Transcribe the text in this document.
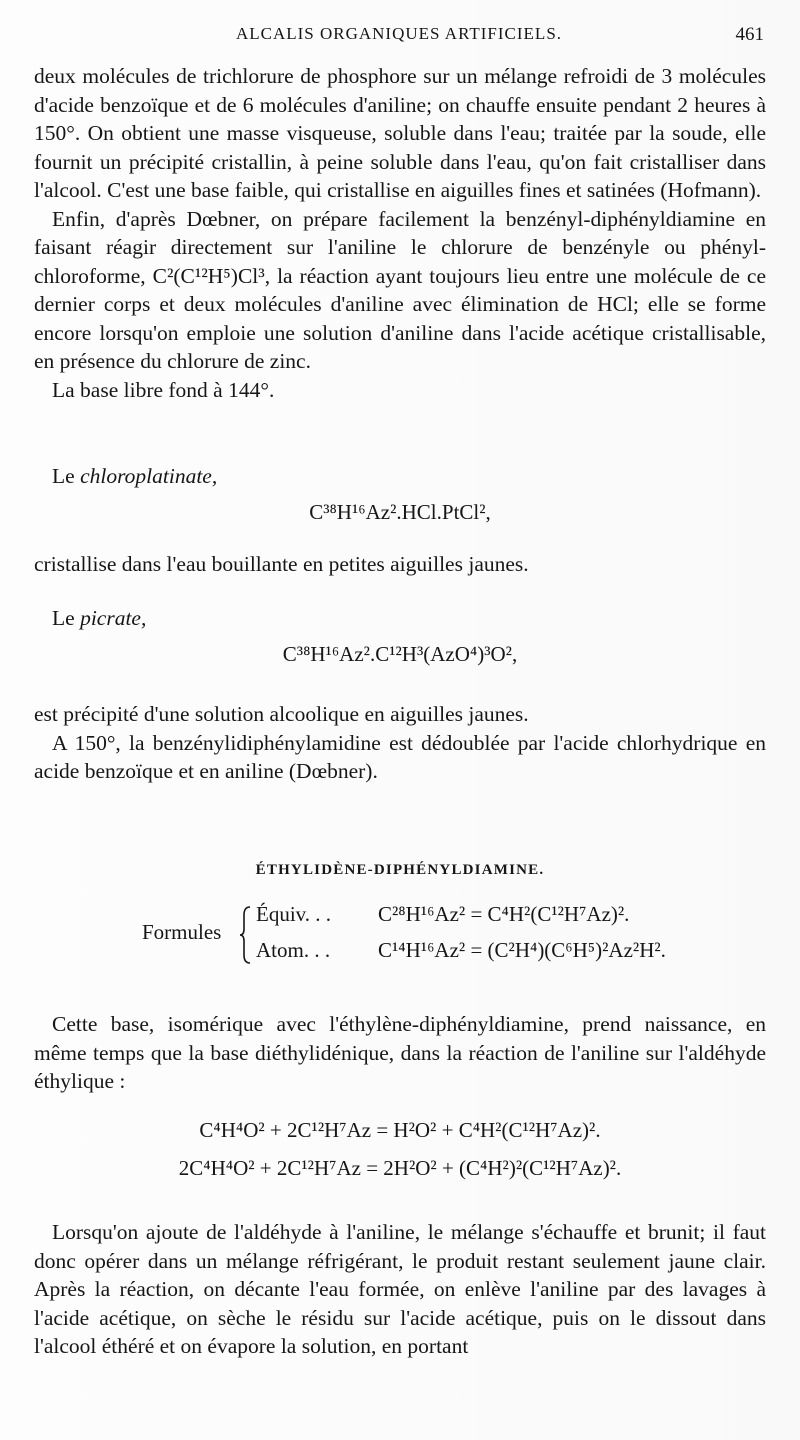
ALCALIS ORGANIQUES ARTIFICIELS.	461

deux molécules de trichlorure de phosphore sur un mélange refroidi de 3 molécules d'acide benzoïque et de 6 molécules d'aniline; on chauffe ensuite pendant 2 heures à 150°. On obtient une masse visqueuse, soluble dans l'eau; traitée par la soude, elle fournit un précipité cristallin, à peine soluble dans l'eau, qu'on fait cristalliser dans l'alcool. C'est une base faible, qui cristallise en aiguilles fines et satinées (Hofmann).

Enfin, d'après Dœbner, on prépare facilement la benzényl-diphényldiamine en faisant réagir directement sur l'aniline le chlorure de benzényle ou phényl-chloroforme, C²(C¹²H⁵)Cl³, la réaction ayant toujours lieu entre une molécule de ce dernier corps et deux molécules d'aniline avec élimination de HCl; elle se forme encore lorsqu'on emploie une solution d'aniline dans l'acide acétique cristallisable, en présence du chlorure de zinc.

La base libre fond à 144°.

Le chloroplatinate,

C³⁸H¹⁶Az².HCl.PtCl²,

cristallise dans l'eau bouillante en petites aiguilles jaunes.

Le picrate,

C³⁸H¹⁶Az².C¹²H³(AzO⁴)³O²,

est précipité d'une solution alcoolique en aiguilles jaunes.

A 150°, la benzénylidiphénylamidine est dédoublée par l'acide chlorhydrique en acide benzoïque et en aniline (Dœbner).

ÉTHYLIDÈNE-DIPHÉNYLDIAMINE.
Formules
Équiv. . . C²⁸H¹⁶Az² = C⁴H²(C¹²H⁷Az)².
Atom. . . C¹⁴H¹⁶Az² = (C²H⁴)(C⁶H⁵)²Az²H².

Cette base, isomérique avec l'éthylène-diphényldiamine, prend naissance, en même temps que la base diéthylidénique, dans la réaction de l'aniline sur l'aldéhyde éthylique :

C⁴H⁴O² + 2C¹²H⁷Az = H²O² + C⁴H²(C¹²H⁷Az)².
2C⁴H⁴O² + 2C¹²H⁷Az = 2H²O² + (C⁴H²)²(C¹²H⁷Az)².

Lorsqu'on ajoute de l'aldéhyde à l'aniline, le mélange s'échauffe et brunit; il faut donc opérer dans un mélange réfrigérant, le produit restant seulement jaune clair. Après la réaction, on décante l'eau formée, on enlève l'aniline par des lavages à l'acide acétique, on sèche le résidu sur l'acide acétique, puis on le dissout dans l'alcool éthéré et on évapore la solution, en portant
